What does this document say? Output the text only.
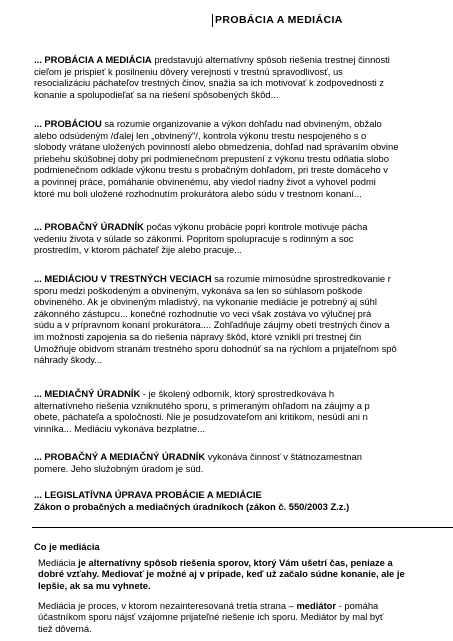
PROBÁCIA A MEDIÁCIA
... PROBÁCIA A MEDIÁCIA predstavujú alternatívny spôsob riešenia trestnej činnosti
cieľom je prispieť k posilneniu dôvery verejnosti v trestnú spravodlivosť, us
resocializáciu páchateľov trestných činov, snažia sa ich motivovať k zodpovednosti z
konanie a spolupodieľať sa na riešení spôsobených škôd...
... PROBÁCIOU sa rozumie organizovanie a výkon dohľadu nad obvineným, obžalo
alebo odsúdeným /ďalej len „obvinený"/, kontrola výkonu trestu nespojeného s o
slobody vrátane uložených povinností alebo obmedzenia, dohľad nad správaním obvine
priebehu skúšobnej doby pri podmienečnom prepustení z výkonu trestu odňatia slobo
podmienečnom odklade výkonu trestu s probačným dohľadom, pri treste domáceho v
a povinnej práce, pomáhanie obvinenému, aby viedol riadny život a vyhovel podmi
ktoré mu boli uložené rozhodnutím prokurátora alebo súdu v trestnom konaní...
... PROBAČNÝ ÚRADNÍK počas výkonu probácie popri kontrole motivuje pácha
vedeniu života v súlade so zákonmi. Popritom spolupracuje s rodinným a soc
prostredím, v ktorom páchateľ žije alebo pracuje...
... MEDIÁCIOU V TRESTNÝCH VECIACH sa rozumie mimosúdne sprostredkovanie r
sporu medzi poškodeným a obvineným, vykonáva sa len so súhlasom poškode
obvineného. Ak je obvineným mladistvý, na vykonanie mediácie je potrebný aj súhl
zákonného zástupcu... konečné rozhodnutie vo veci však zostáva vo výlučnej prá
súdu a v prípravnom konaní prokurátora.... Zohľadňuje záujmy obetí trestných činov a
im možnosti zapojenia sa do riešenia nápravy škôd, ktoré vznikli pri trestnej čin
Umožňuje obidvom stranám trestného sporu dohodnúť sa na rýchlom a prijateľnom spô
náhrady škody...
... MEDIAČNÝ ÚRADNÍK - je školený odborník, ktorý sprostredkováva h
alternatívneho riešenia vzniknutého sporu, s primeraným ohľadom na záujmy a p
obete, páchateľa a spoločnosti. Nie je posudzovateľom ani kritikom, nesúdi ani n
vinníka... Mediáciu vykonáva bezplatne...
... PROBAČNÝ A MEDIAČNÝ ÚRADNÍK vykonáva činnosť v štátnozamestnan
pomere. Jeho služobným úradom je súd.
... LEGISLATÍVNA ÚPRAVA PROBÁCIE A MEDIÁCIE
Zákon o probačných a mediačných úradníkoch (zákon č. 550/2003 Z.z.)
Co je mediácia
Mediácia je alternatívny spôsob riešenia sporov, ktorý Vám ušetrí čas, peniaze a
dobré vzťahy. Mediovať je možné aj v prípade, keď už začalo súdne konanie, ale je
lepšie, ak sa mu vyhnete.
Mediácia je proces, v ktorom nezainteresovaná tretia strana – mediátor - pomáha
účastníkom sporu nájsť vzájomne prijateľné riešenie ich sporu. Mediátor by mal byť
tiež dôverná.
